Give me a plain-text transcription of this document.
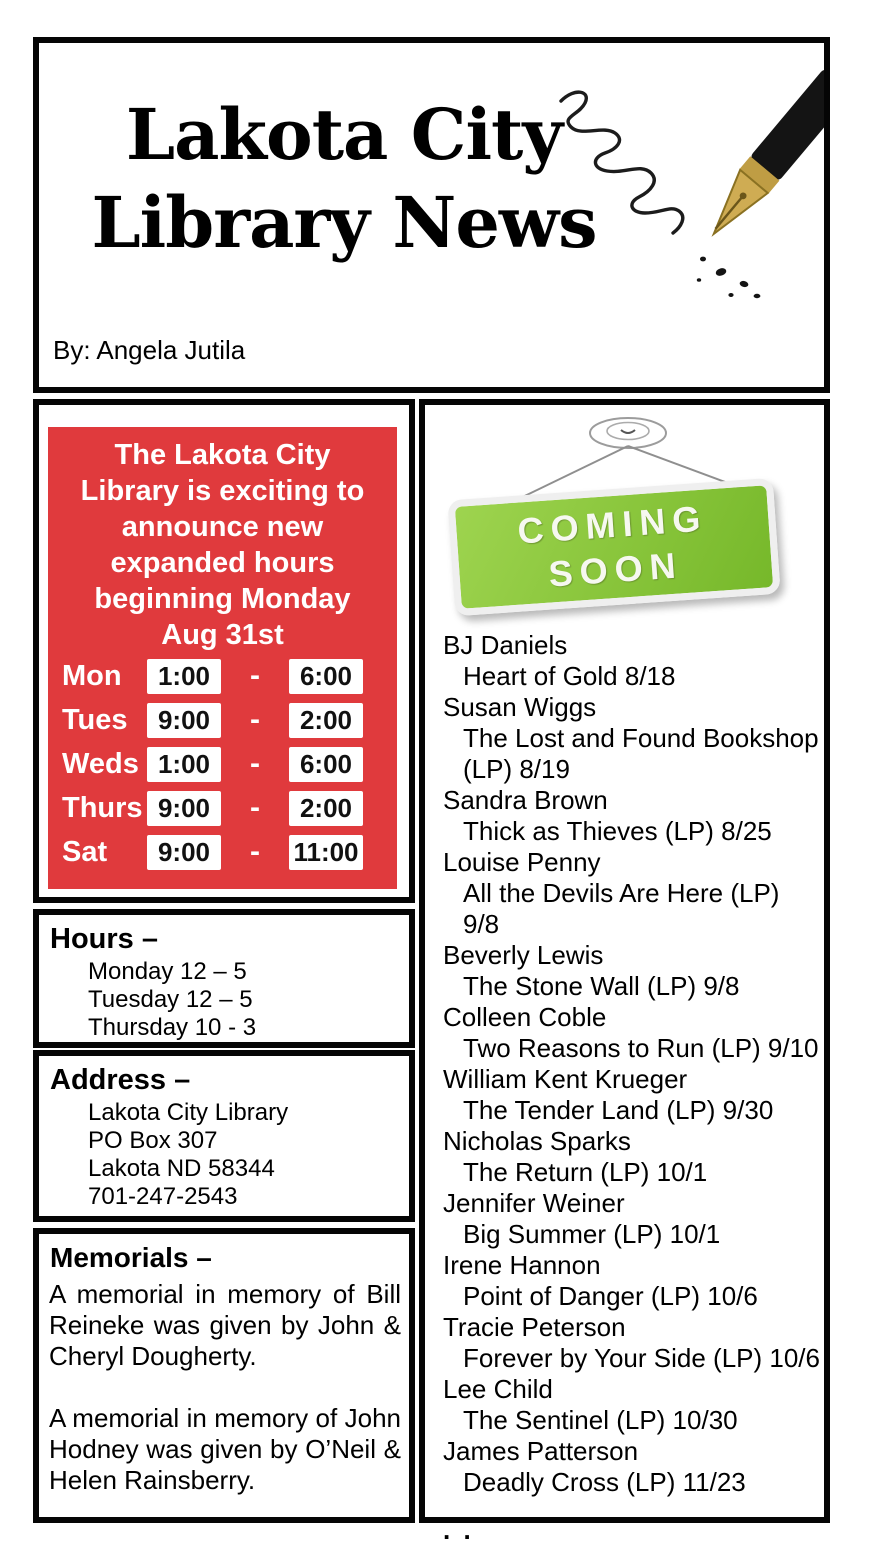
Lakota City
Library News
By: Angela Jutila
The Lakota City
Library is exciting to
announce new
expanded hours
beginning Monday
Aug 31st
Mon	1:00	-	6:00
Tues	9:00	-	2:00
Weds 1:00	-	6:00
Thurs 9:00	-	2:00
Sat	9:00	-	11:00
Hours –
Monday 12 – 5
Tuesday 12 – 5
Thursday 10 - 3
Address –
Lakota City Library
PO Box 307
Lakota ND 58344
701-247-2543
Memorials –
A memorial in memory of Bill Reineke was given by John & Cheryl Dougherty.
A memorial in memory of John Hodney was given by O’Neil & Helen Rainsberry.
COMING
SOON
BJ Daniels
Heart of Gold 8/18
Susan Wiggs
The Lost and Found Bookshop (LP) 8/19
Sandra Brown
Thick as Thieves (LP) 8/25
Louise Penny
All the Devils Are Here (LP) 9/8
Beverly Lewis
The Stone Wall (LP) 9/8
Colleen Coble
Two Reasons to Run (LP) 9/10
William Kent Krueger
The Tender Land (LP) 9/30
Nicholas Sparks
The Return (LP) 10/1
Jennifer Weiner
Big Summer (LP) 10/1
Irene Hannon
Point of Danger (LP) 10/6
Tracie Peterson
Forever by Your Side (LP) 10/6
Lee Child
The Sentinel (LP) 10/30
James Patterson
Deadly Cross (LP) 11/23
. .
